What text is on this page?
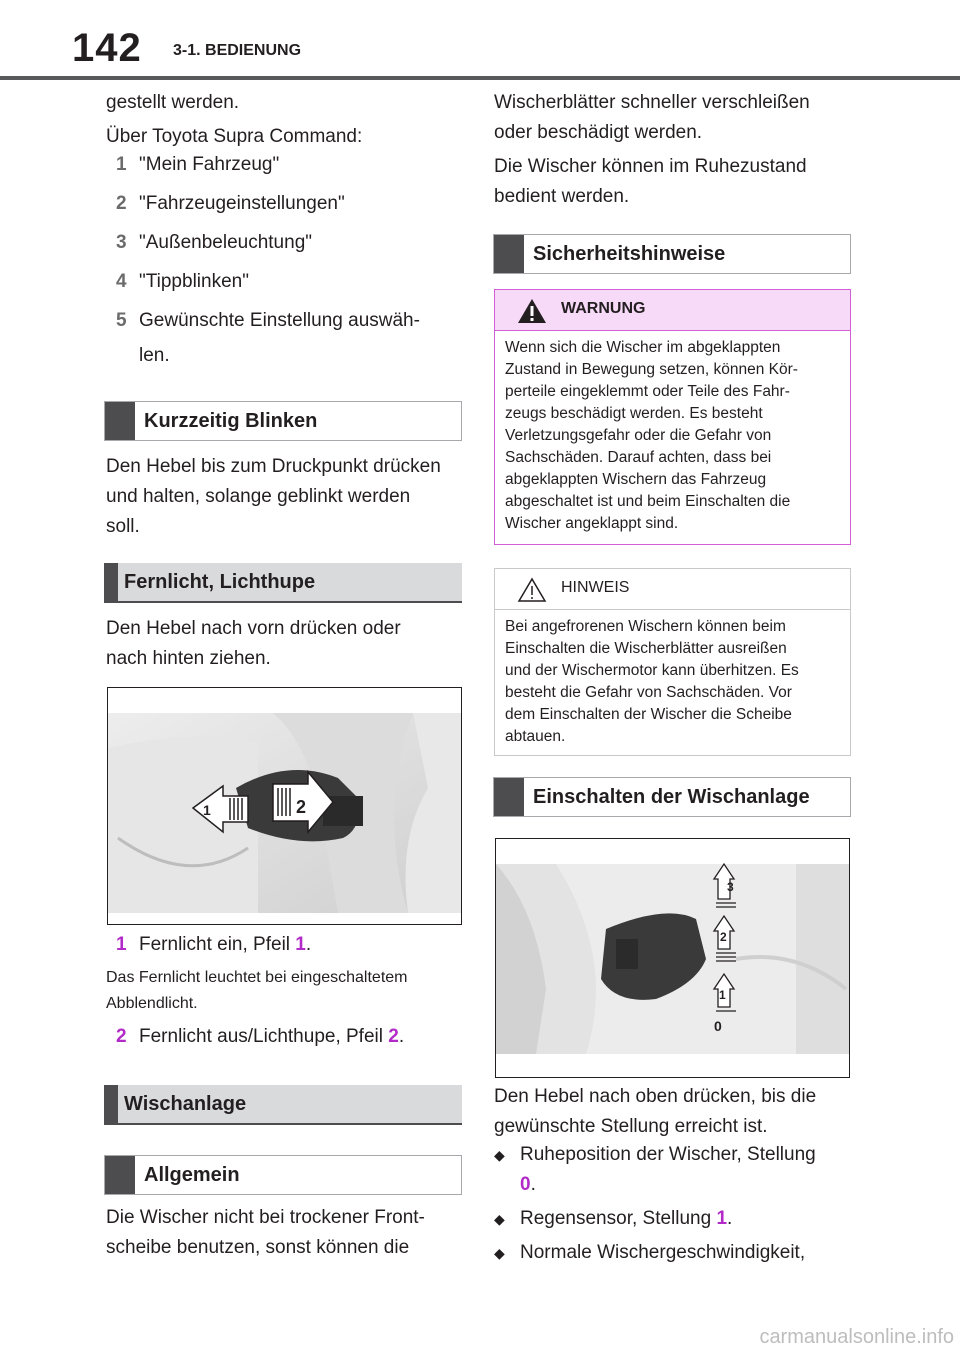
142 3-1. BEDIENUNG

gestellt werden.

Über Toyota Supra Command:

1 "Mein Fahrzeug"
2 "Fahrzeugeinstellungen"
3 "Außenbeleuchtung"
4 "Tippblinken"
5 Gewünschte Einstellung auswäh-
len.
Kurzzeitig Blinken

Den Hebel bis zum Druckpunkt drücken

und halten, solange geblinkt werden

soll.

Fernlicht, Lichthupe

Den Hebel nach vorn drücken oder

nach hinten ziehen.

1	2
1 Fernlicht ein, Pfeil 1.

Das Fernlicht leuchtet bei eingeschaltetem

Abblendlicht.

2 Fernlicht aus/Lichthupe, Pfeil 2.
Wischanlage
Allgemein

Die Wischer nicht bei trockener Front-

scheibe benutzen, sonst können die

Wischerblätter schneller verschleißen

oder beschädigt werden.

Die Wischer können im Ruhezustand

bedient werden.

Sicherheitshinweise
WARNUNG
Wenn sich die Wischer im abgeklappten
Zustand in Bewegung setzen, können Kör-
perteile eingeklemmt oder Teile des Fahr-
zeugs beschädigt werden. Es besteht
Verletzungsgefahr oder die Gefahr von
Sachschäden. Darauf achten, dass bei
abgeklappten Wischern das Fahrzeug
abgeschaltet ist und beim Einschalten die
Wischer angeklappt sind.
HINWEIS
Bei angefrorenen Wischern können beim
Einschalten die Wischerblätter ausreißen
und der Wischermotor kann überhitzen. Es
besteht die Gefahr von Sachschäden. Vor
dem Einschalten der Wischer die Scheibe
abtauen.
Einschalten der Wischanlage
3
2
1
0

Den Hebel nach oben drücken, bis die

gewünschte Stellung erreicht ist.

◆ Ruheposition der Wischer, Stellung
0.
◆ Regensensor, Stellung 1.
◆ Normale Wischergeschwindigkeit,
carmanualsonline.info
